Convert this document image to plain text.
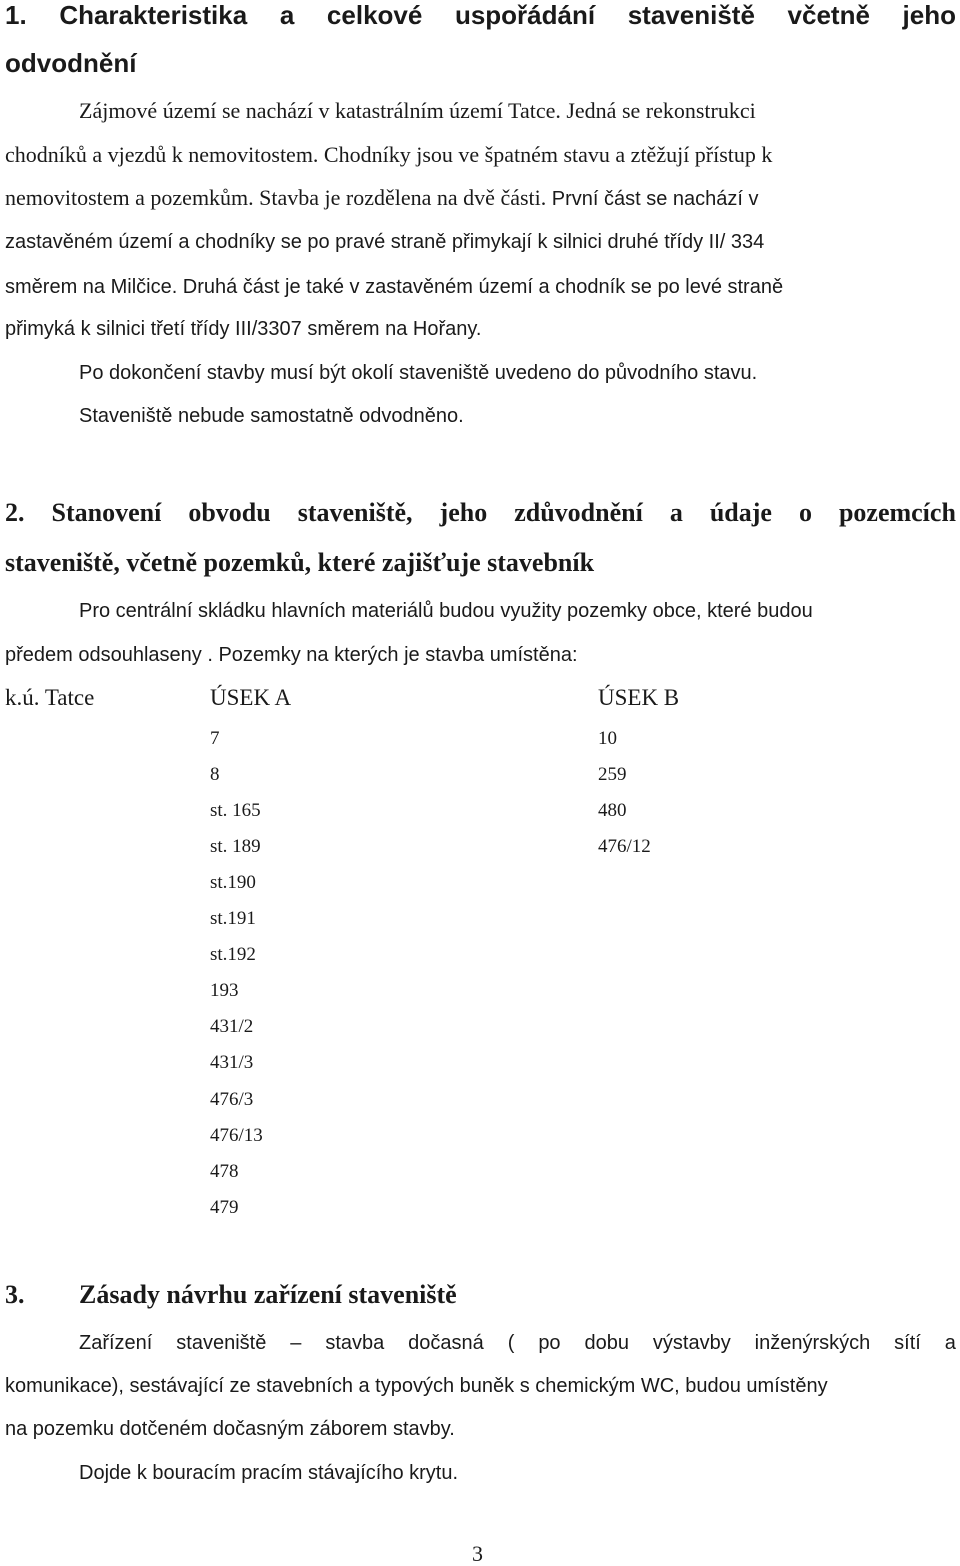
1. Charakteristika a celkové uspořádání staveniště včetně jeho
odvodnění
Zájmové území se nachází v katastrálním území Tatce. Jedná se rekonstrukci
chodníků a vjezdů k nemovitostem. Chodníky jsou ve špatném stavu a ztěžují přístup k
nemovitostem a pozemkům. Stavba je rozdělena na dvě části. První část se nachází v
zastavěném území a chodníky se po pravé straně přimykají k silnici druhé třídy II/ 334
směrem na Milčice. Druhá část je také v zastavěném území a chodník se po levé straně
přimyká k silnici třetí třídy III/3307 směrem na Hořany.
Po dokončení stavby musí být okolí staveniště uvedeno do původního stavu.
Staveniště nebude samostatně odvodněno.
2. Stanovení obvodu staveniště, jeho zdůvodnění a údaje o pozemcích
staveniště, včetně pozemků, které zajišťuje stavebník
Pro centrální skládku hlavních materiálů budou využity pozemky obce, které budou
předem odsouhlaseny . Pozemky na kterých je stavba umístěna:
k.ú. Tatce	ÚSEK A	ÚSEK B
7
8
st. 165
st. 189
st.190
st.191
st.192
193
431/2
431/3
476/3
476/13
478
479
10
259
480
476/12
3. Zásady návrhu zařízení staveniště
Zařízení staveniště – stavba dočasná ( po dobu výstavby inženýrských sítí a
komunikace), sestávající ze stavebních a typových buněk s chemickým WC, budou umístěny
na pozemku dotčeném dočasným záborem stavby.
Dojde k bouracím pracím stávajícího krytu.
3
